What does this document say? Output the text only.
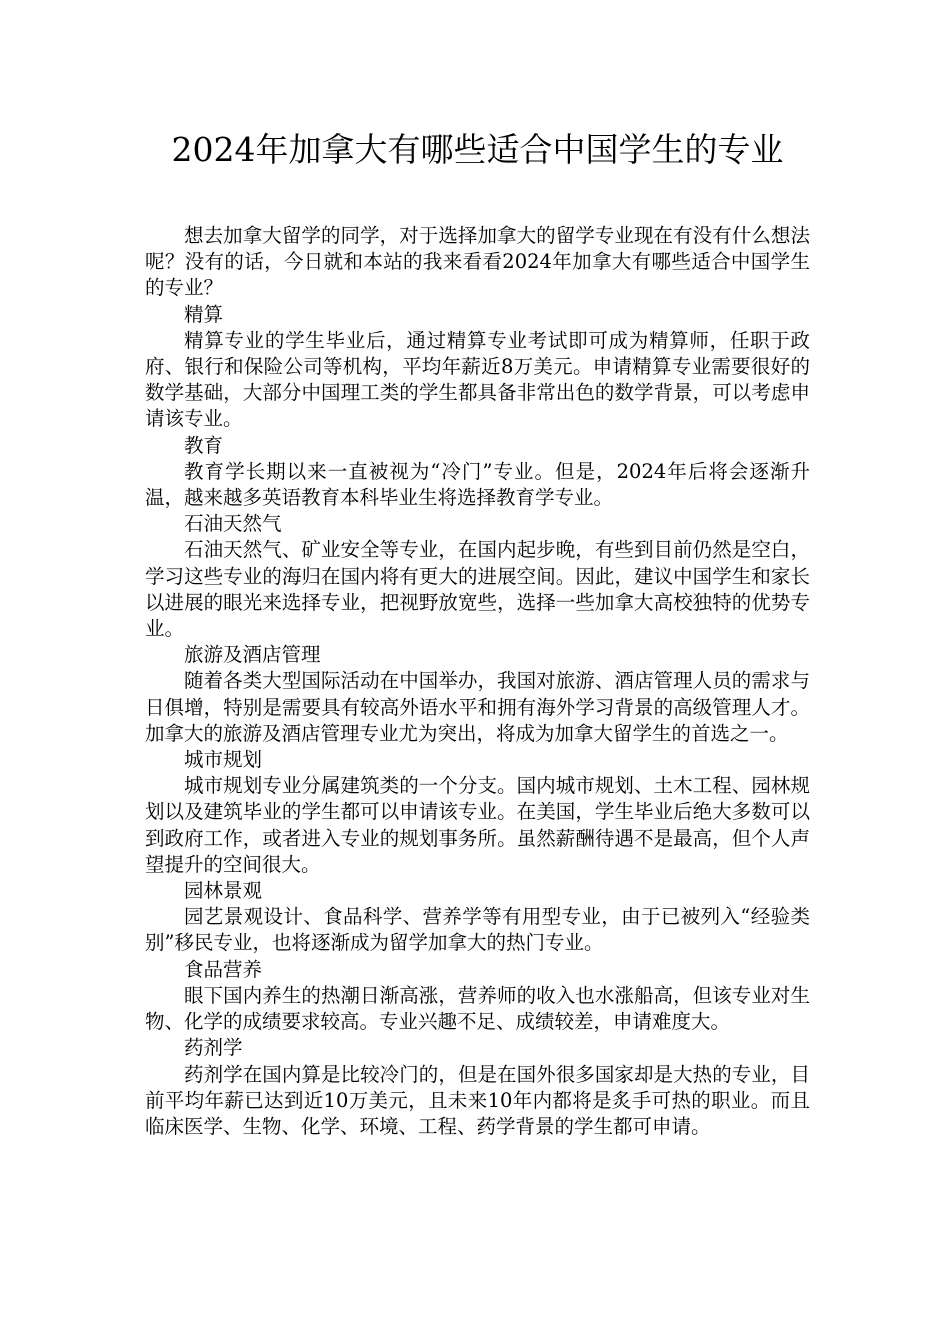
2024年加拿大有哪些适合中国学生的专业

想去加拿大留学的同学，对于选择加拿大的留学专业现在有没有什么想法呢？没有的话，今日就和本站的我来看看2024年加拿大有哪些适合中国学生的专业？

精算

精算专业的学生毕业后，通过精算专业考试即可成为精算师，任职于政府、银行和保险公司等机构，平均年薪近8万美元。申请精算专业需要很好的数学基础，大部分中国理工类的学生都具备非常出色的数学背景，可以考虑申请该专业。

教育

教育学长期以来一直被视为“冷门”专业。但是，2024年后将会逐渐升温，越来越多英语教育本科毕业生将选择教育学专业。

石油天然气

石油天然气、矿业安全等专业，在国内起步晚，有些到目前仍然是空白，学习这些专业的海归在国内将有更大的进展空间。因此，建议中国学生和家长以进展的眼光来选择专业，把视野放宽些，选择一些加拿大高校独特的优势专业。

旅游及酒店管理

随着各类大型国际活动在中国举办，我国对旅游、酒店管理人员的需求与日俱增，特别是需要具有较高外语水平和拥有海外学习背景的高级管理人才。加拿大的旅游及酒店管理专业尤为突出，将成为加拿大留学生的首选之一。

城市规划

城市规划专业分属建筑类的一个分支。国内城市规划、土木工程、园林规划以及建筑毕业的学生都可以申请该专业。在美国，学生毕业后绝大多数可以到政府工作，或者进入专业的规划事务所。虽然薪酬待遇不是最高，但个人声望提升的空间很大。

园林景观

园艺景观设计、食品科学、营养学等有用型专业，由于已被列入“经验类别”移民专业，也将逐渐成为留学加拿大的热门专业。

食品营养

眼下国内养生的热潮日渐高涨，营养师的收入也水涨船高，但该专业对生物、化学的成绩要求较高。专业兴趣不足、成绩较差，申请难度大。

药剂学

药剂学在国内算是比较冷门的，但是在国外很多国家却是大热的专业，目前平均年薪已达到近10万美元，且未来10年内都将是炙手可热的职业。而且临床医学、生物、化学、环境、工程、药学背景的学生都可申请。
